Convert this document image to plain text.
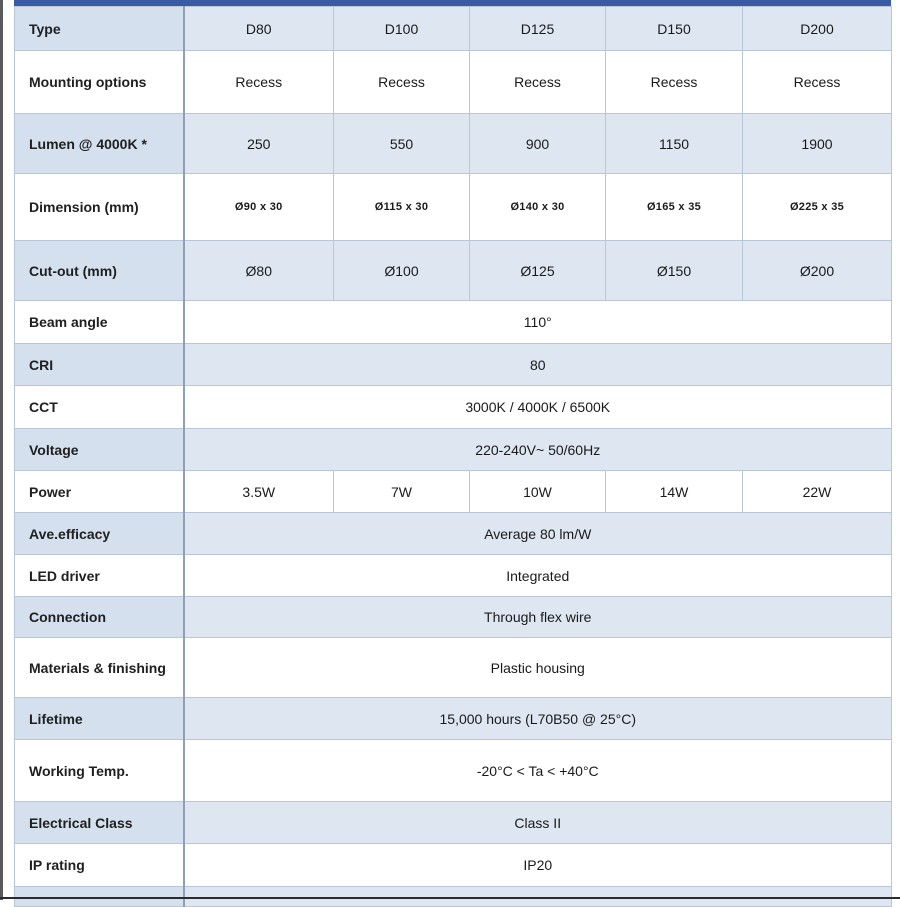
Type	D80	D100	D125	D150	D200
Mounting options	Recess	Recess	Recess	Recess	Recess
Lumen @ 4000K *	250	550	900	1150	1900
Dimension (mm)	Ø90 x 30	Ø115 x 30	Ø140 x 30	Ø165 x 35	Ø225 x 35
Cut-out (mm)	Ø80	Ø100	Ø125	Ø150	Ø200
Beam angle	110°				
CRI	80				
CCT	3000K / 4000K / 6500K				
Voltage	220-240V~ 50/60Hz				
Power	3.5W	7W	10W	14W	22W
Ave.efficacy	Average 80 lm/W				
LED driver	Integrated				
Connection	Through flex wire				
Materials & finishing	Plastic housing				
Lifetime	15,000 hours (L70B50 @ 25°C)				
Working Temp.	-20°C < Ta < +40°C				
Electrical Class	Class II				
IP rating	IP20				
